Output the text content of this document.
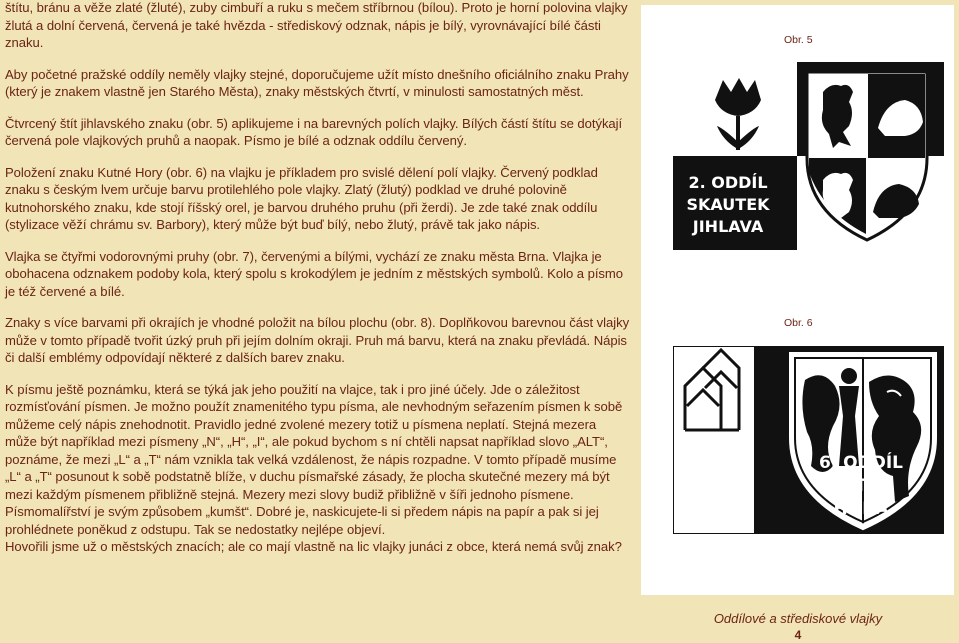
štítu, bránu a věže zlaté (žluté), zuby cimbuří a ruku s mečem stříbrnou (bílou). Proto je horní polovina vlajky žlutá a dolní červená, červená je také hvězda - střediskový odznak, nápis je bílý, vyrovnávající bílé části znaku.

Aby početné pražské oddíly neměly vlajky stejné, doporučujeme užít místo dnešního oficiálního znaku Prahy (který je znakem vlastně jen Starého Města), znaky městských čtvrtí, v minulosti samostatných měst.

Čtvrcený štít jihlavského znaku (obr. 5) aplikujeme i na barevných polích vlajky. Bílých částí štítu se dotýkají červená pole vlajkových pruhů a naopak. Písmo je bílé a odznak oddílu červený.

Položení znaku Kutné Hory (obr. 6) na vlajku je příkladem pro svislé dělení polí vlajky. Červený podklad znaku s českým lvem určuje barvu protilehlého pole vlajky. Zlatý (žlutý) podklad ve druhé polovině kutnohorského znaku, kde stojí říšský orel, je barvou druhého pruhu (při žerdi). Je zde také znak oddílu (stylizace věží chrámu sv. Barbory), který může být buď bílý, nebo žlutý, právě tak jako nápis.

Vlajka se čtyřmi vodorovnými pruhy (obr. 7), červenými a bílými, vychází ze znaku města Brna. Vlajka je obohacena odznakem podoby kola, který spolu s krokodýlem je jedním z městských symbolů. Kolo a písmo je též červené a bílé.

Znaky s více barvami při okrajích je vhodné položit na bílou plochu (obr. 8). Doplňkovou barevnou část vlajky může v tomto případě tvořit úzký pruh při jejím dolním okraji. Pruh má barvu, která na znaku převládá. Nápis či další emblémy odpovídají některé z dalších barev znaku.

K písmu ještě poznámku, která se týká jak jeho použití na vlajce, tak i pro jiné účely. Jde o záležitost rozmísťování písmen. Je možno použít znamenitého typu písma, ale nevhodným seřazením písmen k sobě můžeme celý nápis znehodnotit. Pravidlo jedné zvolené mezery totiž u písmena neplatí. Stejná mezera může být například mezi písmeny „N“, „H“, „I“, ale pokud bychom s ní chtěli napsat například slovo „ALT“, poznáme, že mezi „L“ a „T“ nám vznikla tak velká vzdálenost, že nápis rozpadne. V tomto případě musíme „L“ a „T“ posunout k sobě podstatně blíže, v duchu písmařské zásady, že plocha skutečné mezery má být mezi každým písmenem přibližně stejná. Mezery mezi slovy budiž přibližně v šíři jednoho písmene.

Písmomalířství je svým způsobem „kumšt“. Dobré je, naskicujete-li si předem nápis na papír a pak si jej prohlédnete poněkud z odstupu. Tak se nedostatky nejlépe objeví.

Hovořili jsme už o městských znacích; ale co mají vlastně na lic vlajky junáci z obce, která nemá svůj znak?

Obr. 5
2. ODDÍL
SKAUTEK
JIHLAVA
Obr. 6
6. ODDÍL
KUTNÁ
HORA
Oddílové a střediskové vlajky
4
